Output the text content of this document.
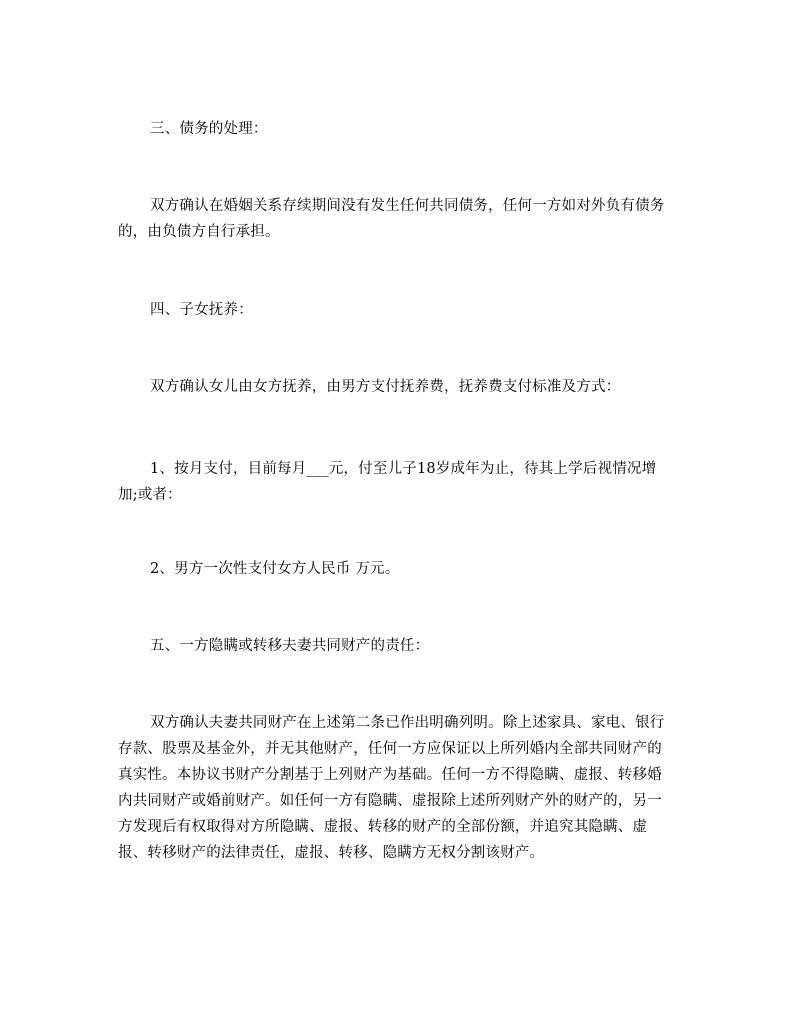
三、债务的处理：

双方确认在婚姻关系存续期间没有发生任何共同债务，任何一方如对外负有债务的，由负债方自行承担。

四、子女抚养：

双方确认女儿由女方抚养，由男方支付抚养费，抚养费支付标准及方式：

1、按月支付，目前每月___元，付至儿子18岁成年为止，待其上学后视情况增加;或者：

2、男方一次性支付女方人民币 万元。

五、一方隐瞒或转移夫妻共同财产的责任：

双方确认夫妻共同财产在上述第二条已作出明确列明。除上述家具、家电、银行存款、股票及基金外，并无其他财产，任何一方应保证以上所列婚内全部共同财产的真实性。本协议书财产分割基于上列财产为基础。任何一方不得隐瞒、虚报、转移婚内共同财产或婚前财产。如任何一方有隐瞒、虚报除上述所列财产外的财产的，另一方发现后有权取得对方所隐瞒、虚报、转移的财产的全部份额，并追究其隐瞒、虚报、转移财产的法律责任，虚报、转移、隐瞒方无权分割该财产。
